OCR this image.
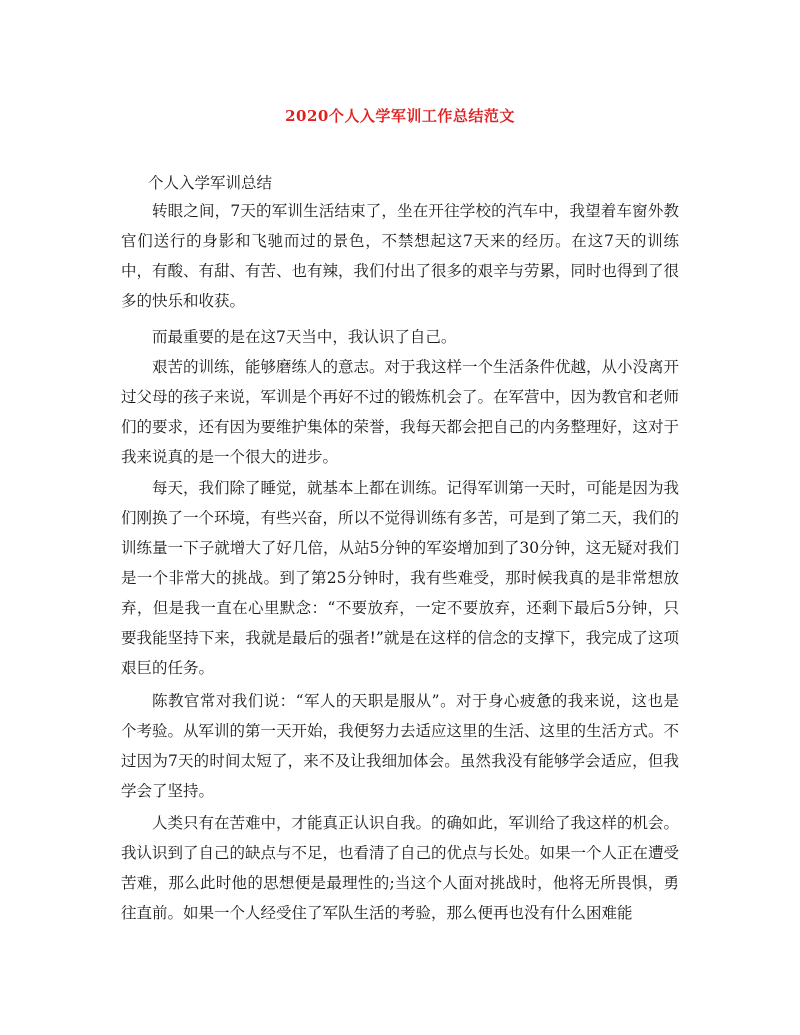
2020个人入学军训工作总结范文
个人入学军训总结

转眼之间，7天的军训生活结束了，坐在开往学校的汽车中，我望着车窗外教官们送行的身影和飞驰而过的景色，不禁想起这7天来的经历。在这7天的训练中，有酸、有甜、有苦、也有辣，我们付出了很多的艰辛与劳累，同时也得到了很多的快乐和收获。

而最重要的是在这7天当中，我认识了自己。

艰苦的训练，能够磨练人的意志。对于我这样一个生活条件优越，从小没离开过父母的孩子来说，军训是个再好不过的锻炼机会了。在军营中，因为教官和老师们的要求，还有因为要维护集体的荣誉，我每天都会把自己的内务整理好，这对于我来说真的是一个很大的进步。

每天，我们除了睡觉，就基本上都在训练。记得军训第一天时，可能是因为我们刚换了一个环境，有些兴奋，所以不觉得训练有多苦，可是到了第二天，我们的训练量一下子就增大了好几倍，从站5分钟的军姿增加到了30分钟，这无疑对我们是一个非常大的挑战。到了第25分钟时，我有些难受，那时候我真的是非常想放弃，但是我一直在心里默念：“不要放弃，一定不要放弃，还剩下最后5分钟，只要我能坚持下来，我就是最后的强者!”就是在这样的信念的支撑下，我完成了这项艰巨的任务。

陈教官常对我们说：“军人的天职是服从”。对于身心疲惫的我来说，这也是个考验。从军训的第一天开始，我便努力去适应这里的生活、这里的生活方式。不过因为7天的时间太短了，来不及让我细加体会。虽然我没有能够学会适应，但我学会了坚持。

人类只有在苦难中，才能真正认识自我。的确如此，军训给了我这样的机会。我认识到了自己的缺点与不足，也看清了自己的优点与长处。如果一个人正在遭受苦难，那么此时他的思想便是最理性的;当这个人面对挑战时，他将无所畏惧，勇往直前。如果一个人经受住了军队生活的考验，那么便再也没有什么困难能
